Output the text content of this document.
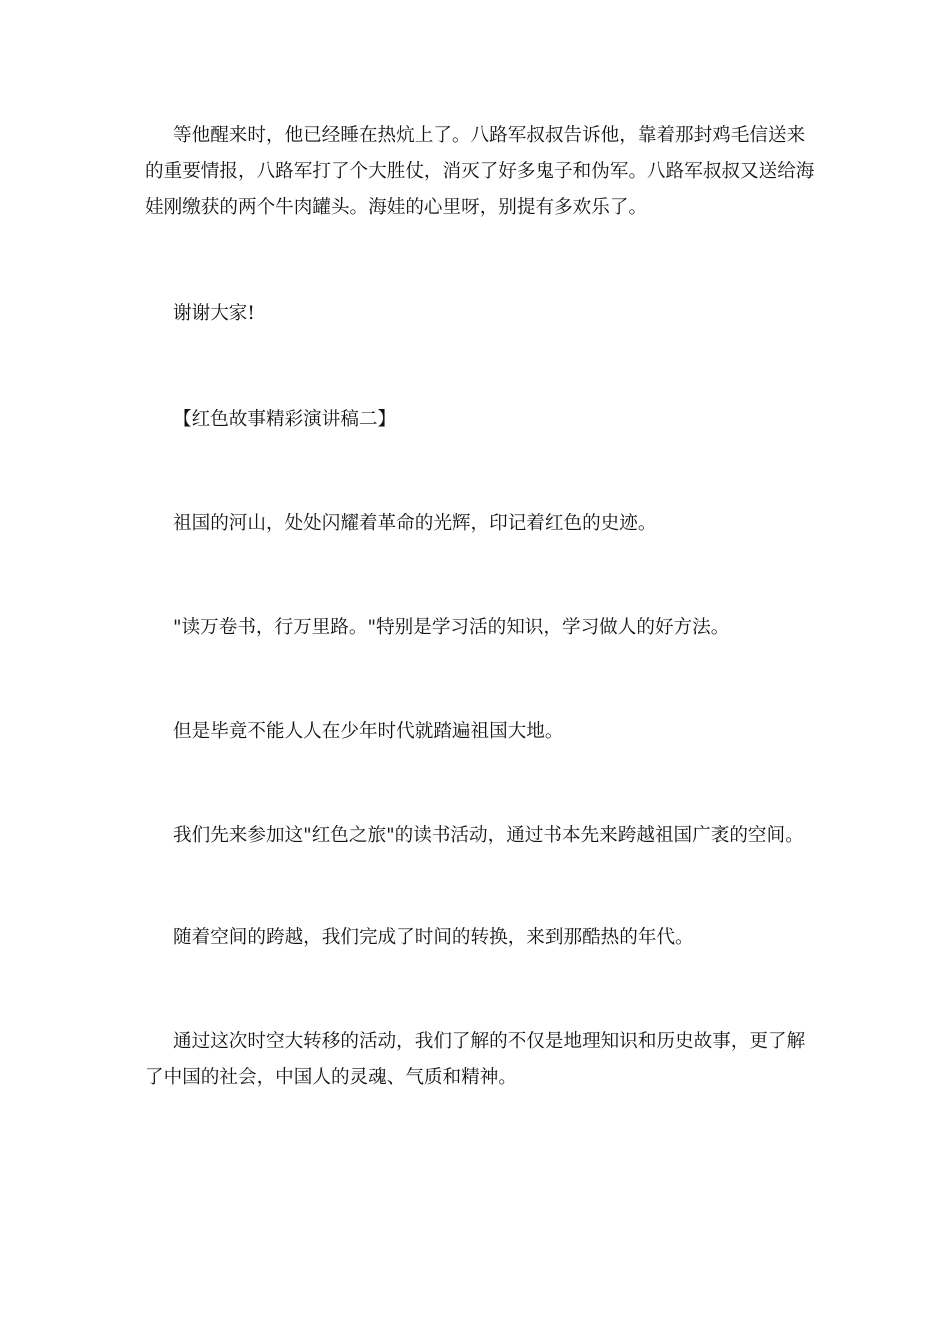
等他醒来时，他已经睡在热炕上了。八路军叔叔告诉他，靠着那封鸡毛信送来的重要情报，八路军打了个大胜仗，消灭了好多鬼子和伪军。八路军叔叔又送给海娃刚缴获的两个牛肉罐头。海娃的心里呀，别提有多欢乐了。

谢谢大家!

【红色故事精彩演讲稿二】

祖国的河山，处处闪耀着革命的光辉，印记着红色的史迹。

"读万卷书，行万里路。"特别是学习活的知识，学习做人的好方法。

但是毕竟不能人人在少年时代就踏遍祖国大地。

我们先来参加这"红色之旅"的读书活动，通过书本先来跨越祖国广袤的空间。

随着空间的跨越，我们完成了时间的转换，来到那酷热的年代。

通过这次时空大转移的活动，我们了解的不仅是地理知识和历史故事，更了解了中国的社会，中国人的灵魂、气质和精神。
